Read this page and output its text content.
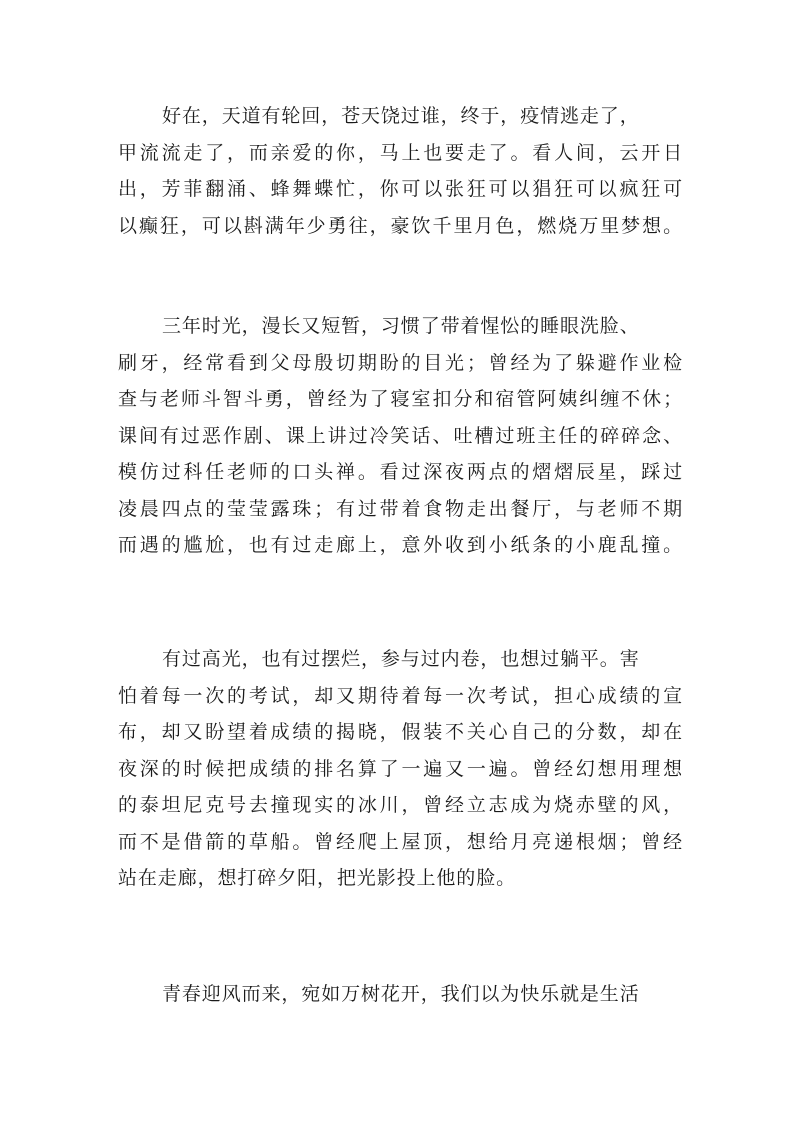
好在，天道有轮回，苍天饶过谁，终于，疫情逃走了，
甲流流走了，而亲爱的你，马上也要走了。看人间，云开日
出，芳菲翻涌、蜂舞蝶忙，你可以张狂可以猖狂可以疯狂可
以癫狂，可以斟满年少勇往，豪饮千里月色，燃烧万里梦想。
三年时光，漫长又短暂，习惯了带着惺忪的睡眼洗脸、
刷牙，经常看到父母殷切期盼的目光；曾经为了躲避作业检
查与老师斗智斗勇，曾经为了寝室扣分和宿管阿姨纠缠不休；
课间有过恶作剧、课上讲过冷笑话、吐槽过班主任的碎碎念、
模仿过科任老师的口头禅。看过深夜两点的熠熠辰星，踩过
凌晨四点的莹莹露珠；有过带着食物走出餐厅，与老师不期
而遇的尴尬，也有过走廊上，意外收到小纸条的小鹿乱撞。
有过高光，也有过摆烂，参与过内卷，也想过躺平。害
怕着每一次的考试，却又期待着每一次考试，担心成绩的宣
布，却又盼望着成绩的揭晓，假装不关心自己的分数，却在
夜深的时候把成绩的排名算了一遍又一遍。曾经幻想用理想
的泰坦尼克号去撞现实的冰川，曾经立志成为烧赤壁的风，
而不是借箭的草船。曾经爬上屋顶，想给月亮递根烟；曾经
站在走廊，想打碎夕阳，把光影投上他的脸。
青春迎风而来，宛如万树花开，我们以为快乐就是生活
